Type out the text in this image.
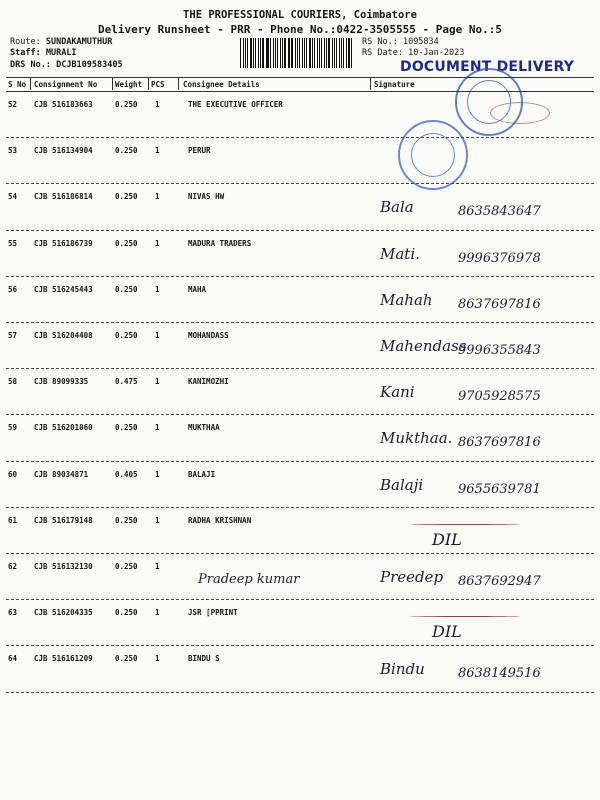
THE PROFESSIONAL COURIERS, Coimbatore
Delivery Runsheet - PRR - Phone No.:0422-3505555 - Page No.:5
Route: SUNDAKAMUTHUR
Staff: MURALI
DRS No.: DCJB109583405
RS No.: 1095834
RS Date: 10-Jan-2023
DOCUMENT DELIVERY
S No Consignment No Weight PCS Consignee Details	Signature
52 CJB 516183663	0.250 1	THE EXECUTIVE OFFICER
53 CJB 516134904	0.250 1	PERUR
54 CJB 516186814	0.250 1	NIVAS HW
Bala	8635843647
55 CJB 516186739	0.250 1	MADURA TRADERS
Mati.	9996376978
56 CJB 516245443	0.250 1	MAHA
Mahah 8637697816
57 CJB 516204408	0.250 1	MOHANDASS
Mahendass
9996355843
58 CJB 89099335	0.475 1	KANIMOZHI
Kani	9705928575
59 CJB 516201060	0.250 1	MUKTHAA
Mukthaa. 8637697816
60 CJB 89034871	0.405 1	BALAJI
Balaji	9655639781
61 CJB 516179148	0.250 1	RADHA KRISHNAN
DIL
62 CJB 516132130	0.250 1
Pradeep kumar	Preedep 8637692947
63 CJB 516204335	0.250 1	JSR [PPRINT
DIL
64 CJB 516161209	0.250 1	BINDU S
Bindu	8638149516
